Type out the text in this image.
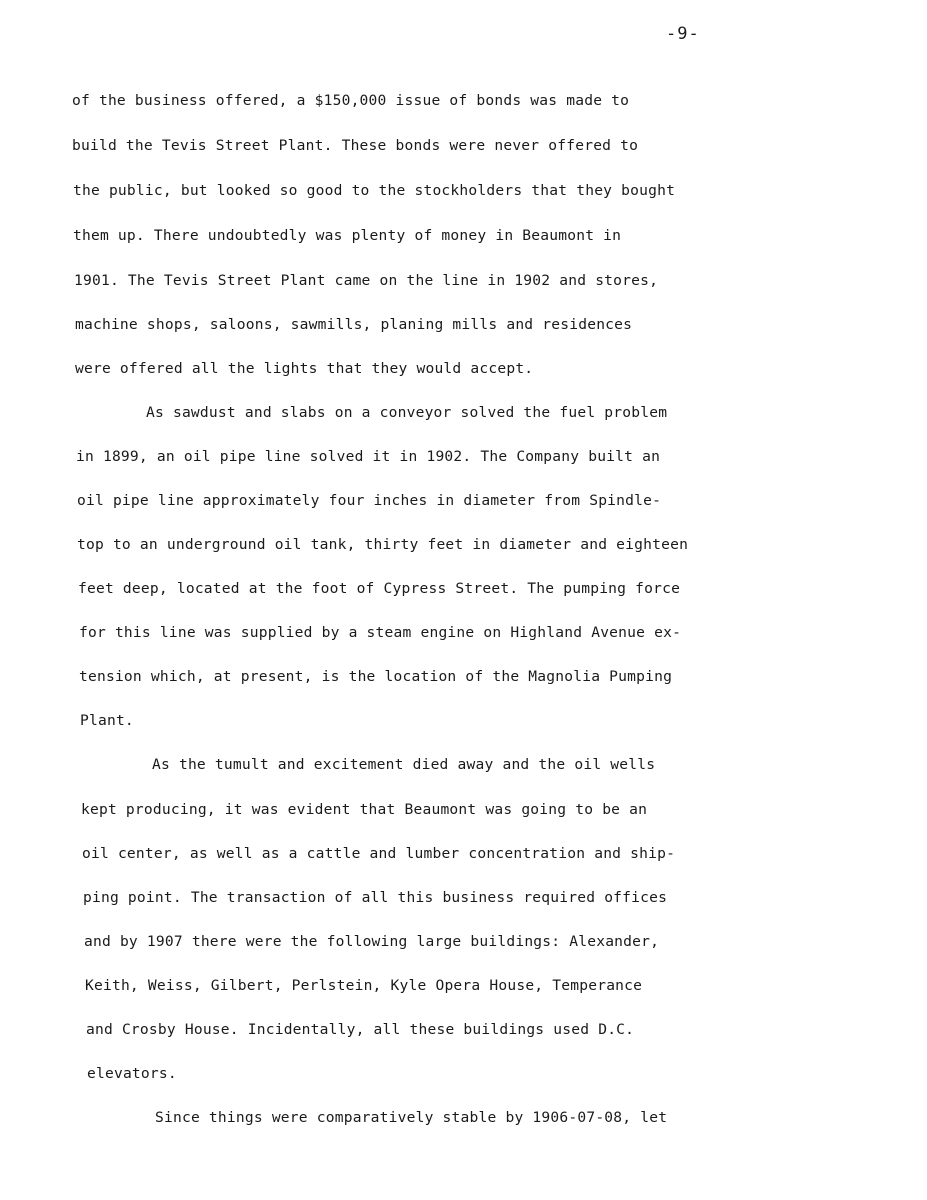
-9-
of the business offered, a $150,000 issue of bonds was made to
build the Tevis Street Plant. These bonds were never offered to
the public, but looked so good to the stockholders that they bought
them up. There undoubtedly was plenty of money in Beaumont in
1901. The Tevis Street Plant came on the line in 1902 and stores,
machine shops, saloons, sawmills, planing mills and residences
were offered all the lights that they would accept.
As sawdust and slabs on a conveyor solved the fuel problem
in 1899, an oil pipe line solved it in 1902. The Company built an
oil pipe line approximately four inches in diameter from Spindle-
top to an underground oil tank, thirty feet in diameter and eighteen
feet deep, located at the foot of Cypress Street. The pumping force
for this line was supplied by a steam engine on Highland Avenue ex-
tension which, at present, is the location of the Magnolia Pumping
Plant.
As the tumult and excitement died away and the oil wells
kept producing, it was evident that Beaumont was going to be an
oil center, as well as a cattle and lumber concentration and ship-
ping point. The transaction of all this business required offices
and by 1907 there were the following large buildings: Alexander,
Keith, Weiss, Gilbert, Perlstein, Kyle Opera House, Temperance
and Crosby House. Incidentally, all these buildings used D.C.
elevators.
Since things were comparatively stable by 1906-07-08, let
